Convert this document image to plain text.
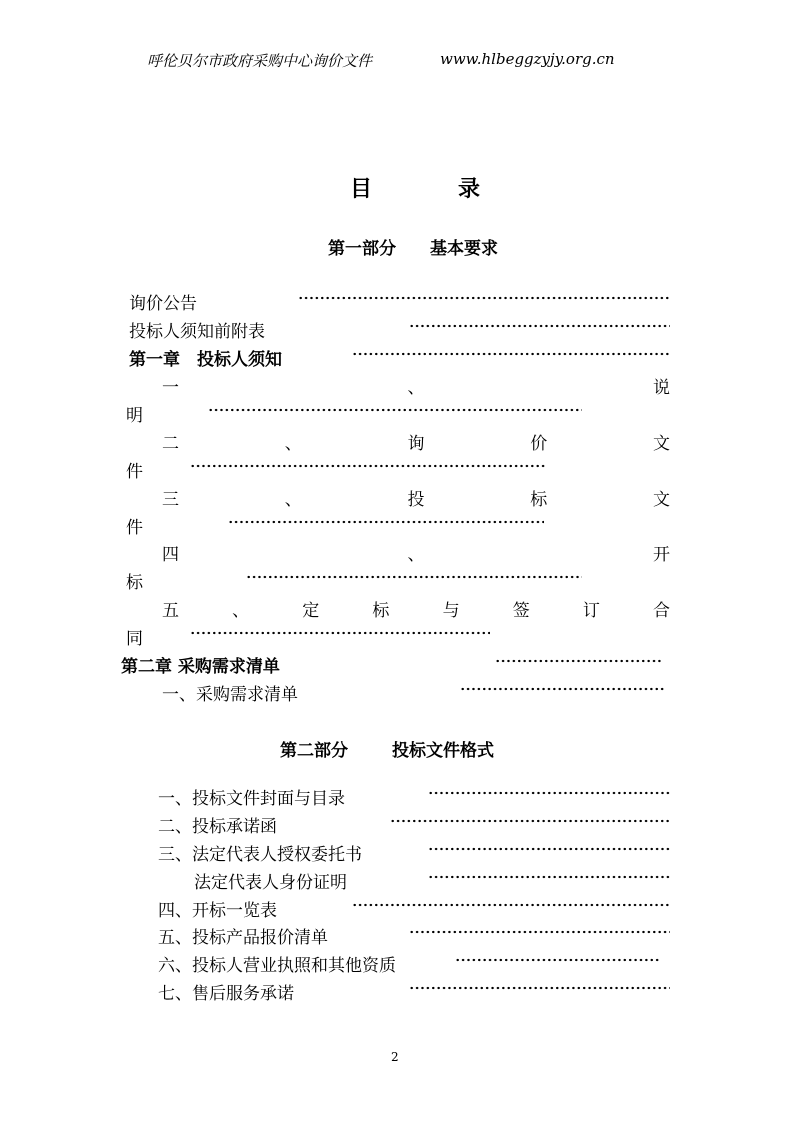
呼伦贝尔市政府采购中心询价文件	www.hlbeggzyjy.org.cn
目	录
第一部分 基本要求
询价公告
投标人须知前附表
第一章　投标人须知
一	、	说
明
二	、	询	价	文
件
三	、	投	标	文
件
四	、	开
标
五	、	定	标	与	签	订	合
同
第二章 采购需求清单
一、采购需求清单
第二部分	投标文件格式
一、投标文件封面与目录
二、投标承诺函
三、法定代表人授权委托书
法定代表人身份证明
四、开标一览表
五、投标产品报价清单
六、投标人营业执照和其他资质
七、售后服务承诺
2
